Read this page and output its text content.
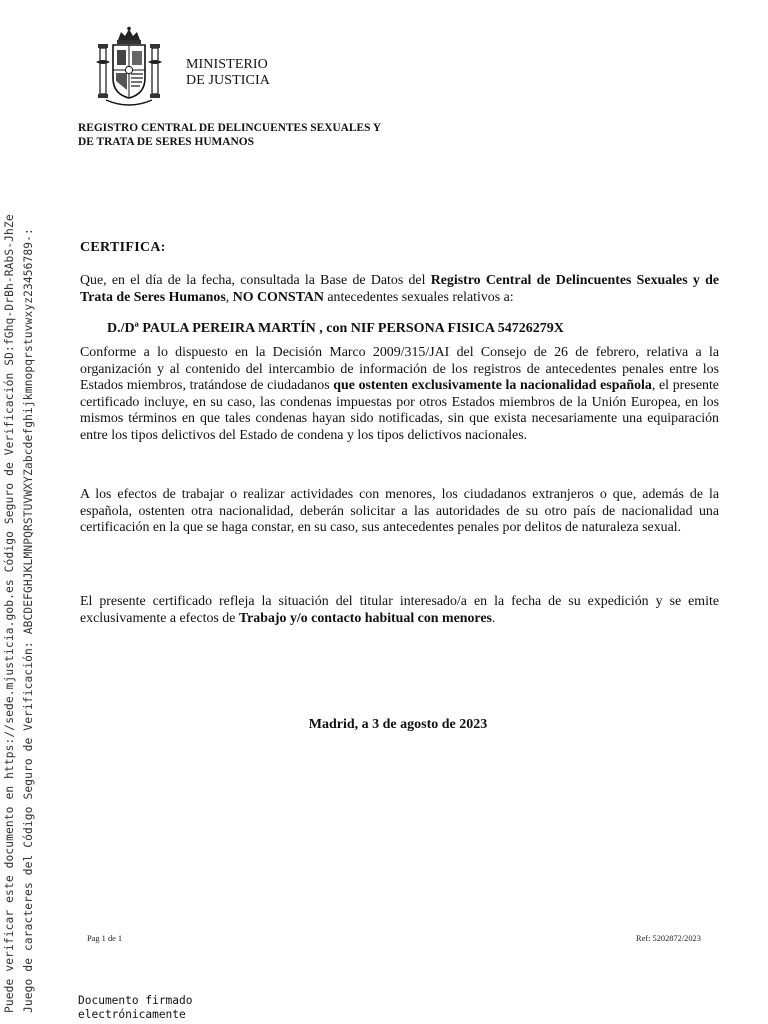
Puede verificar este documento en https://sede.mjusticia.gob.es Código Seguro de Verificación SD:fGhq-DrBh-RAbS-JhZe Juego de caracteres del Código Seguro de Verificación: ABCDEFGHJKLMNPQRSTUVWXYZabcdefghijkmnopqrstuvwxyz23456789-:
MINISTERIO
DE JUSTICIA
REGISTRO CENTRAL DE DELINCUENTES SEXUALES Y
DE TRATA DE SERES HUMANOS
CERTIFICA:

Que, en el día de la fecha, consultada la Base de Datos del Registro Central de Delincuentes Sexuales y de Trata de Seres Humanos, NO CONSTAN antecedentes sexuales relativos a:

D./Dª PAULA PEREIRA MARTÍN , con NIF PERSONA FISICA 54726279X

Conforme a lo dispuesto en la Decisión Marco 2009/315/JAI del Consejo de 26 de febrero, relativa a la organización y al contenido del intercambio de información de los registros de antecedentes penales entre los Estados miembros, tratándose de ciudadanos que ostenten exclusivamente la nacionalidad española, el presente certificado incluye, en su caso, las condenas impuestas por otros Estados miembros de la Unión Europea, en los mismos términos en que tales condenas hayan sido notificadas, sin que exista necesariamente una equiparación entre los tipos delictivos del Estado de condena y los tipos delictivos nacionales.

A los efectos de trabajar o realizar actividades con menores, los ciudadanos extranjeros o que, además de la española, ostenten otra nacionalidad, deberán solicitar a las autoridades de su otro país de nacionalidad una certificación en la que se haga constar, en su caso, sus antecedentes penales por delitos de naturaleza sexual.

El presente certificado refleja la situación del titular interesado/a en la fecha de su expedición y se emite exclusivamente a efectos de Trabajo y/o contacto habitual con menores.

Madrid, a 3 de agosto de 2023
Pag 1 de 1	Ref: 5202872/2023
Documento firmado
electrónicamente
